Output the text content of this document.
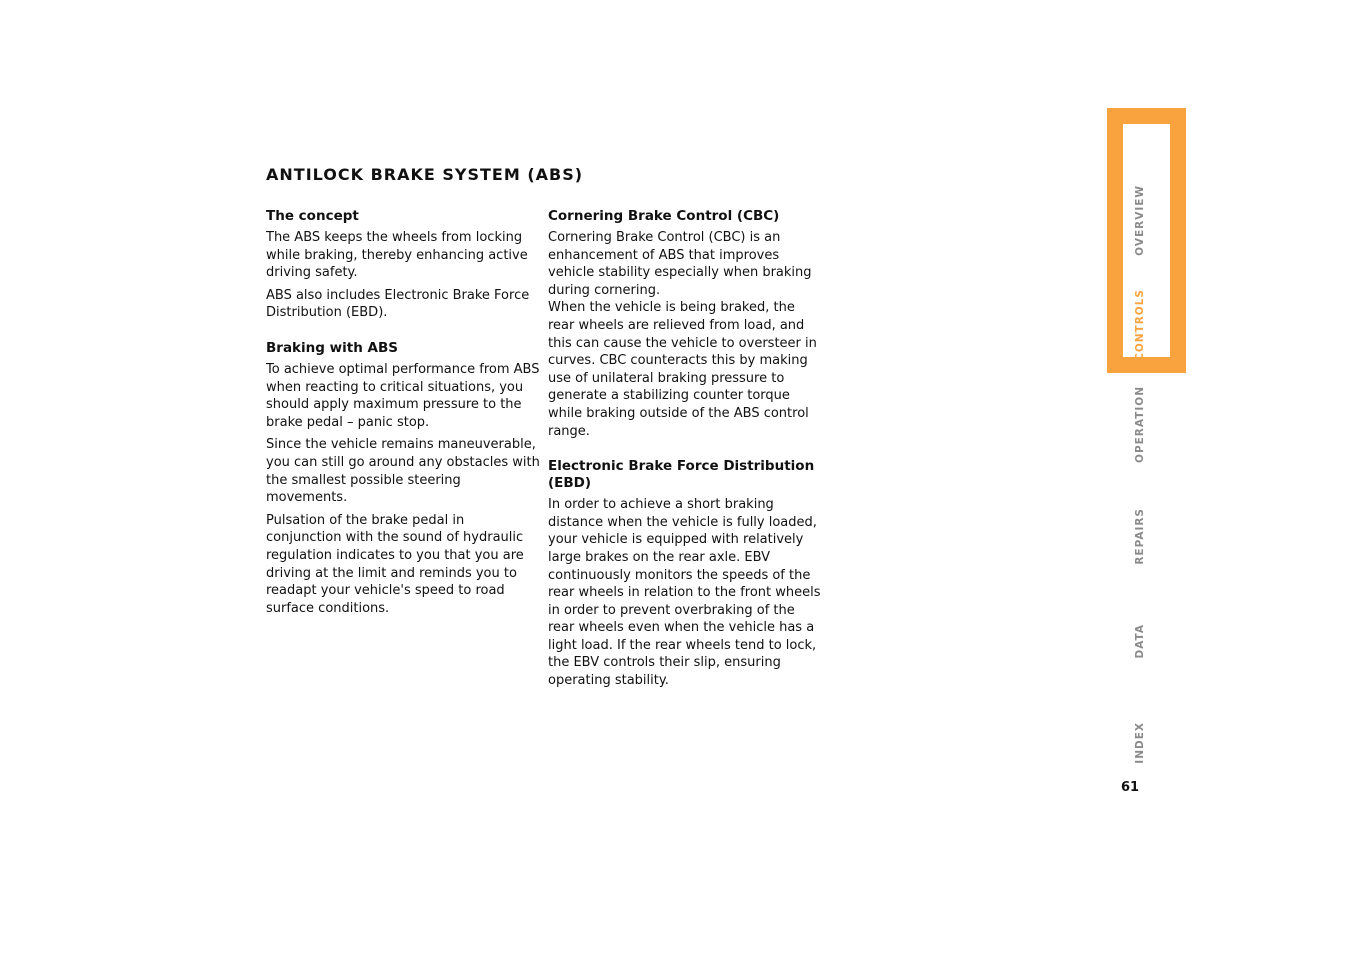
ANTILOCK BRAKE SYSTEM (ABS)
The concept

The ABS keeps the wheels from locking while braking, thereby enhancing active driving safety.

ABS also includes Electronic Brake Force Distribution (EBD).

Braking with ABS

To achieve optimal performance from ABS when reacting to critical situations, you should apply maximum pressure to the brake pedal – panic stop.

Since the vehicle remains maneuverable, you can still go around any obstacles with the smallest possible steering movements.

Pulsation of the brake pedal in conjunction with the sound of hydraulic regulation indicates to you that you are driving at the limit and reminds you to readapt your vehicle's speed to road surface conditions.

Cornering Brake Control (CBC)

Cornering Brake Control (CBC) is an enhancement of ABS that improves vehicle stability especially when braking during cornering.

When the vehicle is being braked, the rear wheels are relieved from load, and this can cause the vehicle to oversteer in curves. CBC counteracts this by making use of unilateral braking pressure to generate a stabilizing counter torque while braking outside of the ABS control range.

Electronic Brake Force Distribution (EBD)

In order to achieve a short braking distance when the vehicle is fully loaded, your vehicle is equipped with relatively large brakes on the rear axle. EBV continuously monitors the speeds of the rear wheels in relation to the front wheels in order to prevent overbraking of the rear wheels even when the vehicle has a light load. If the rear wheels tend to lock, the EBV controls their slip, ensuring operating stability.

OVERVIEW
CONTROLS
OPERATION
REPAIRS
DATA
INDEX
61
